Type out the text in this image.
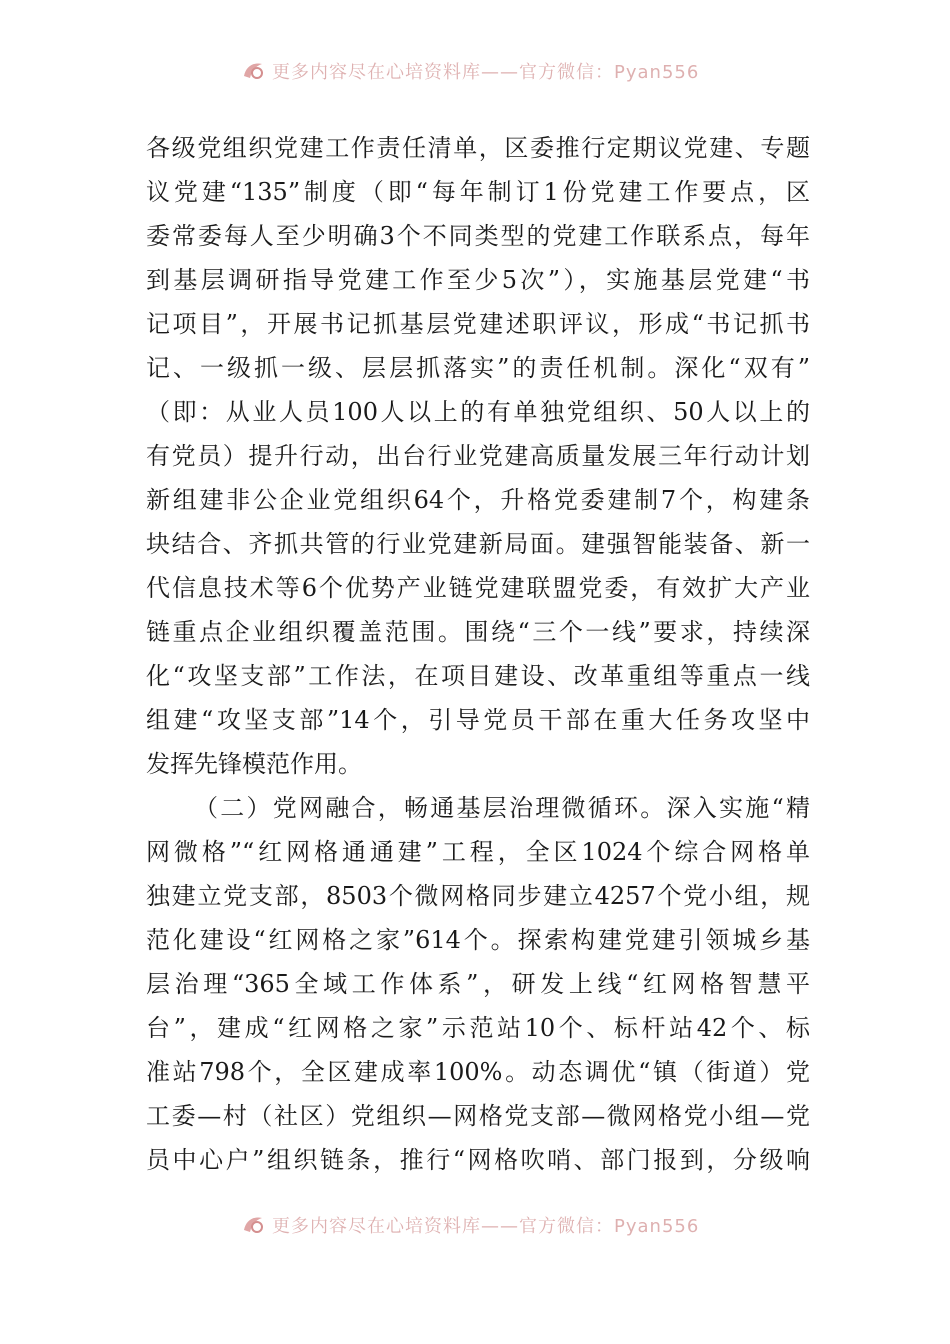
更多内容尽在心培资料库——官方微信：Pyan556
各级党组织党建工作责任清单，区委推行定期议党建、专题
议党建“135”制度（即“每年制订1份党建工作要点，区
委常委每人至少明确3个不同类型的党建工作联系点，每年
到基层调研指导党建工作至少5次”），实施基层党建“书
记项目”，开展书记抓基层党建述职评议，形成“书记抓书
记、一级抓一级、层层抓落实”的责任机制。深化“双有”
（即：从业人员100人以上的有单独党组织、50人以上的
有党员）提升行动，出台行业党建高质量发展三年行动计划
新组建非公企业党组织64个，升格党委建制7个，构建条
块结合、齐抓共管的行业党建新局面。建强智能装备、新一
代信息技术等6个优势产业链党建联盟党委，有效扩大产业
链重点企业组织覆盖范围。围绕“三个一线”要求，持续深
化“攻坚支部”工作法，在项目建设、改革重组等重点一线
组建“攻坚支部”14个，引导党员干部在重大任务攻坚中
发挥先锋模范作用。
（二）党网融合，畅通基层治理微循环。深入实施“精
网微格”“红网格通通建”工程，全区1024个综合网格单
独建立党支部，8503个微网格同步建立4257个党小组，规
范化建设“红网格之家”614个。探索构建党建引领城乡基
层治理“365全域工作体系”，研发上线“红网格智慧平
台”，建成“红网格之家”示范站10个、标杆站42个、标
准站798个，全区建成率100%。动态调优“镇（街道）党
工委—村（社区）党组织—网格党支部—微网格党小组—党
员中心户”组织链条，推行“网格吹哨、部门报到，分级响
更多内容尽在心培资料库——官方微信：Pyan556
